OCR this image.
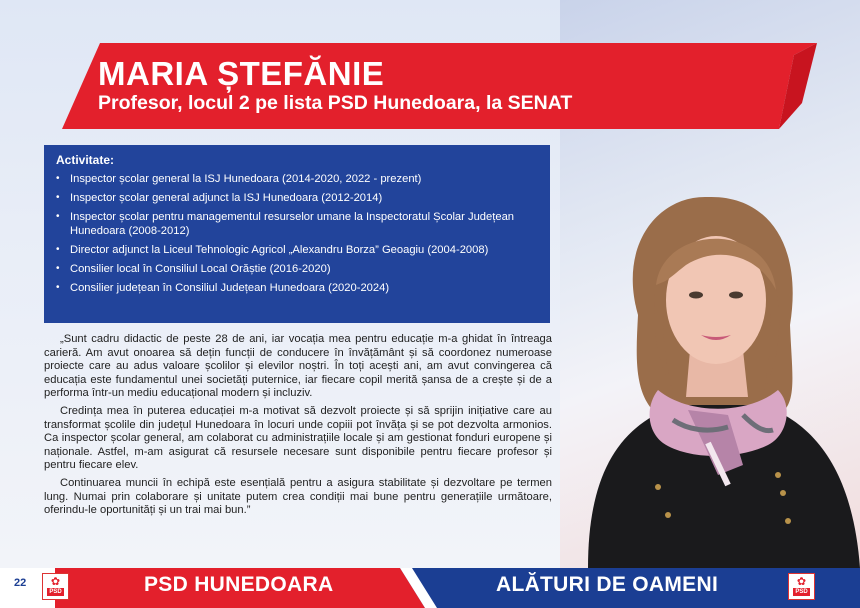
MARIA ȘTEFĂNIE
Profesor, locul 2 pe lista PSD Hunedoara, la SENAT
Activitate:
• Inspector școlar general la ISJ Hunedoara (2014-2020, 2022 - prezent)
• Inspector școlar general adjunct la ISJ Hunedoara (2012-2014)
• Inspector școlar pentru managementul resurselor umane la Inspectoratul Școlar Județean Hunedoara (2008-2012)
• Director adjunct la Liceul Tehnologic Agricol „Alexandru Borza” Geoagiu (2004-2008)
• Consilier local în Consiliul Local Orăștie (2016-2020)
• Consilier județean în Consiliul Județean Hunedoara (2020-2024)

„Sunt cadru didactic de peste 28 de ani, iar vocația mea pentru educație m-a ghidat în întreaga carieră. Am avut onoarea să dețin funcții de conducere în învățământ și să coordonez numeroase proiecte care au adus valoare școlilor și elevilor noștri. În toți acești ani, am avut convingerea că educația este fundamentul unei societăți puternice, iar fiecare copil merită șansa de a crește și de a performa într-un mediu educațional modern și incluziv.

Credința mea în puterea educației m-a motivat să dezvolt proiecte și să sprijin inițiative care au transformat școlile din județul Hunedoara în locuri unde copiii pot învăța și se pot dezvolta armonios. Ca inspector școlar general, am colaborat cu administrațiile locale și am gestionat fonduri europene și naționale. Astfel, m-am asigurat că resursele necesare sunt disponibile pentru fiecare profesor și pentru fiecare elev.

Continuarea muncii în echipă este esențială pentru a asigura stabilitate și dezvoltare pe termen lung. Numai prin colaborare și unitate putem crea condiții mai bune pentru generațiile următoare, oferindu-le oportunități și un trai mai bun.”

22 ✿
PSD	PSD HUNEDOARA	ALĂTURI DE OAMENI	✿
PSD
